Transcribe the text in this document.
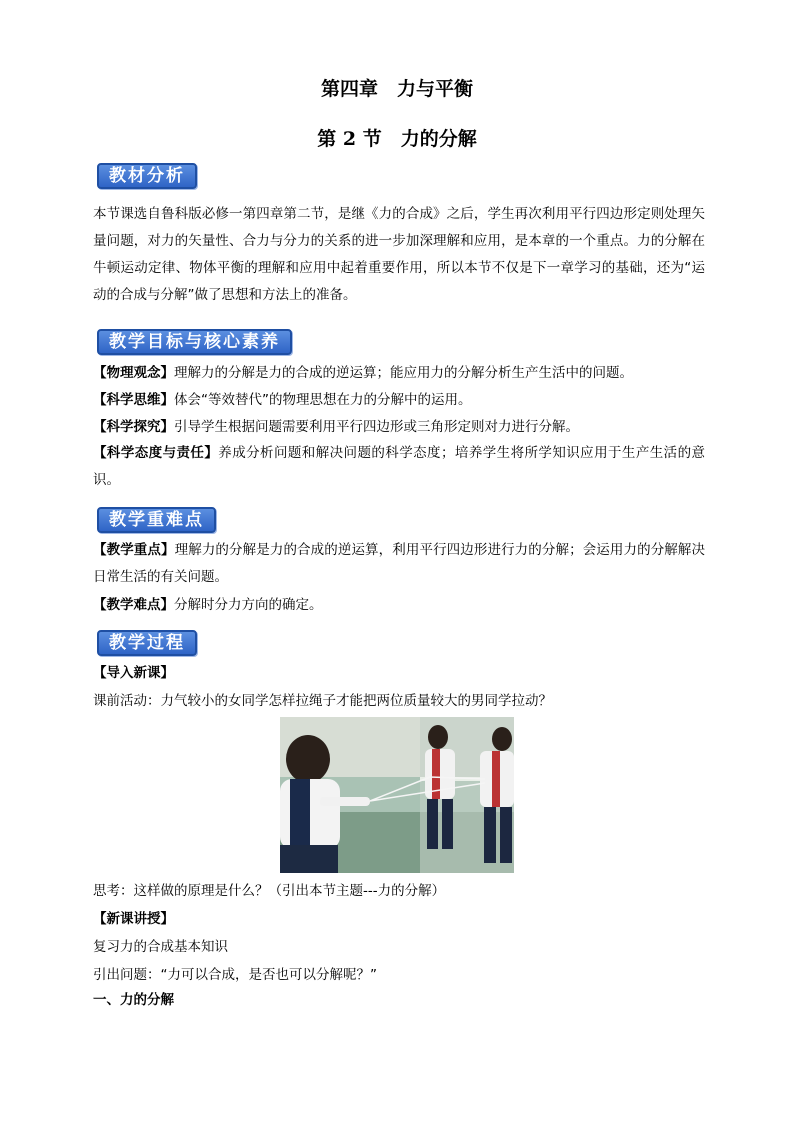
第四章　力与平衡
第 2 节　力的分解
教材分析
本节课选自鲁科版必修一第四章第二节，是继《力的合成》之后，学生再次利用平行四边形定则处理矢量问题，对力的矢量性、合力与分力的关系的进一步加深理解和应用，是本章的一个重点。力的分解在牛顿运动定律、物体平衡的理解和应用中起着重要作用，所以本节不仅是下一章学习的基础，还为“运动的合成与分解”做了思想和方法上的准备。
教学目标与核心素养
【物理观念】理解力的分解是力的合成的逆运算；能应用力的分解分析生产生活中的问题。
【科学思维】体会“等效替代”的物理思想在力的分解中的运用。
【科学探究】引导学生根据问题需要利用平行四边形或三角形定则对力进行分解。
【科学态度与责任】养成分析问题和解决问题的科学态度；培养学生将所学知识应用于生产生活的意识。
教学重难点
【教学重点】理解力的分解是力的合成的逆运算，利用平行四边形进行力的分解；会运用力的分解解决日常生活的有关问题。
【教学难点】分解时分力方向的确定。
教学过程
【导入新课】
课前活动：力气较小的女同学怎样拉绳子才能把两位质量较大的男同学拉动？
思考：这样做的原理是什么？（引出本节主题---力的分解）
【新课讲授】
复习力的合成基本知识
引出问题：“力可以合成，是否也可以分解呢？”
一、力的分解
